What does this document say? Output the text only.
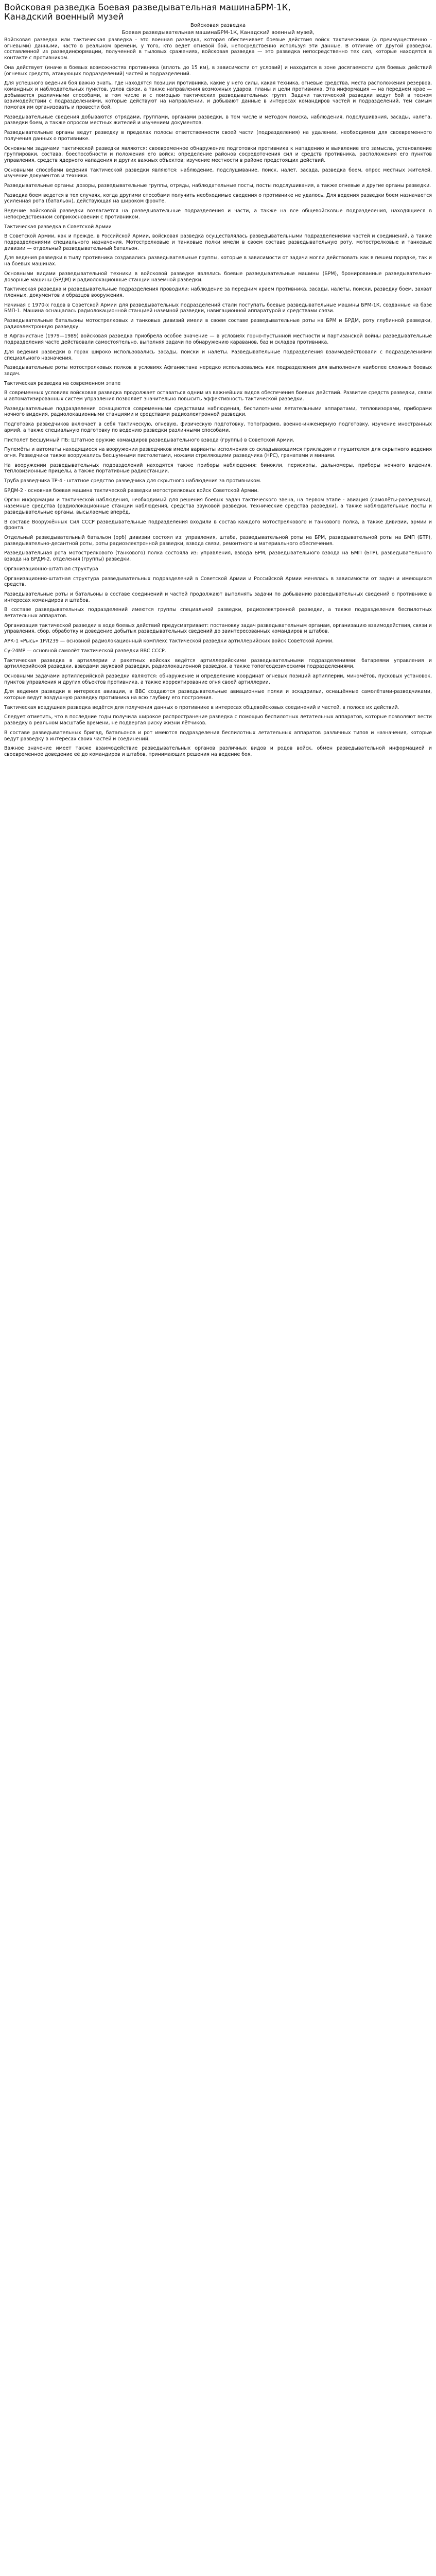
Войсковая разведка Боевая разведывательная машинаБРМ-1К,
Канадский военный музей
Войсковая разведка
Боевая разведывательная машинаБРМ-1К, Канадский военный музей,

Войсковая разведка или тактическая разведка - это военная разведка, которая обеспечивает боевые действия войск тактическими (а преимущественно - огневыми) данными, часто в реальном времени, у того, кто ведет огневой бой, непосредственно используя эти данные. В отличие от другой разведки, составленной из развединформации, полученной в тыловых сражениях, войсковая разведка — это разведка непосредственно тех сил, которые находятся в контакте с противником.

Она действует (иначе в боевых возможностях противника (вплоть до 15 км), в зависимости от условий) и находится в зоне досягаемости для боевых действий (огневых средств, атакующих подразделений) частей и подразделений.

Для успешного ведения боя важно знать, где находятся позиции противника, какие у него силы, какая техника, огневые средства, места расположения резервов, командных и наблюдательных пунктов, узлов связи, а также направления возможных ударов, планы и цели противника. Эта информация — на переднем крае — добывается различными способами, в том числе и с помощью тактических разведывательных групп. Задачи тактической разведки ведут бой в тесном взаимодействии с подразделениями, которые действуют на направлении, и добывают данные в интересах командиров частей и подразделений, тем самым помогая им организовать и провести бой.

Разведывательные сведения добываются отрядами, группами, органами разведки, в том числе и методом поиска, наблюдения, подслушивания, засады, налета, разведки боем, а также опросом местных жителей и изучением документов.

Разведывательные органы ведут разведку в пределах полосы ответственности своей части (подразделения) на удалении, необходимом для своевременного получения данных о противнике.

Основными задачами тактической разведки являются: своевременное обнаружение подготовки противника к нападению и выявление его замысла, установление группировки, состава, боеспособности и положения его войск; определение районов сосредоточения сил и средств противника, расположения его пунктов управления, средств ядерного нападения и других важных объектов; изучение местности в районе предстоящих действий.

Основными способами ведения тактической разведки являются: наблюдение, подслушивание, поиск, налет, засада, разведка боем, опрос местных жителей, изучение документов и техники.

Разведывательные органы: дозоры, разведывательные группы, отряды, наблюдательные посты, посты подслушивания, а также огневые и другие органы разведки.

Разведка боем ведется в тех случаях, когда другими способами получить необходимые сведения о противнике не удалось. Для ведения разведки боем назначается усиленная рота (батальон), действующая на широком фронте.

Ведение войсковой разведки возлагается на разведывательные подразделения и части, а также на все общевойсковые подразделения, находящиеся в непосредственном соприкосновении с противником.

Тактическая разведка в Советской Армии

В Советской Армии, как и прежде, в Российской Армии, войсковая разведка осуществлялась разведывательными подразделениями частей и соединений, а также подразделениями специального назначения. Мотострелковые и танковые полки имели в своем составе разведывательную роту, мотострелковые и танковые дивизии — отдельный разведывательный батальон.

Для ведения разведки в тылу противника создавались разведывательные группы, которые в зависимости от задачи могли действовать как в пешем порядке, так и на боевых машинах.

Основными видами разведывательной техники в войсковой разведке являлись боевые разведывательные машины (БРМ), бронированные разведывательно-дозорные машины (БРДМ) и радиолокационные станции наземной разведки.

Тактическая разведка и разведывательные подразделения проводили: наблюдение за передним краем противника, засады, налеты, поиски, разведку боем, захват пленных, документов и образцов вооружения.

Начиная с 1970-х годов в Советской Армии для разведывательных подразделений стали поступать боевые разведывательные машины БРМ-1К, созданные на базе БМП-1. Машина оснащалась радиолокационной станцией наземной разведки, навигационной аппаратурой и средствами связи.

Разведывательные батальоны мотострелковых и танковых дивизий имели в своем составе разведывательные роты на БРМ и БРДМ, роту глубинной разведки, радиоэлектронную разведку.

В Афганистане (1979—1989) войсковая разведка приобрела особое значение — в условиях горно-пустынной местности и партизанской войны разведывательные подразделения часто действовали самостоятельно, выполняя задачи по обнаружению караванов, баз и складов противника.

Для ведения разведки в горах широко использовались засады, поиски и налеты. Разведывательные подразделения взаимодействовали с подразделениями специального назначения.

Разведывательные роты мотострелковых полков в условиях Афганистана нередко использовались как подразделения для выполнения наиболее сложных боевых задач.

Тактическая разведка на современном этапе

В современных условиях войсковая разведка продолжает оставаться одним из важнейших видов обеспечения боевых действий. Развитие средств разведки, связи и автоматизированных систем управления позволяет значительно повысить эффективность тактической разведки.

Разведывательные подразделения оснащаются современными средствами наблюдения, беспилотными летательными аппаратами, тепловизорами, приборами ночного видения, радиолокационными станциями и средствами радиоэлектронной разведки.

Подготовка разведчиков включает в себя тактическую, огневую, физическую подготовку, топографию, военно-инженерную подготовку, изучение иностранных армий, а также специальную подготовку по ведению разведки различными способами.

Пистолет Бесшумный ПБ: Штатное оружие командиров разведывательного взвода (группы) в Советской Армии.

Пулемёты и автоматы находящиеся на вооружении разведчиков имели варианты исполнения со складывающимся прикладом и глушителем для скрытного ведения огня. Разведчики также вооружались бесшумными пистолетами, ножами стреляющими разведчика (НРС), гранатами и минами.

На вооружении разведывательных подразделений находятся также приборы наблюдения: бинокли, перископы, дальномеры, приборы ночного видения, тепловизионные прицелы, а также портативные радиостанции.

Труба разведчика ТР-4 - штатное средство разведчика для скрытного наблюдения за противником.

БРДМ-2 - основная боевая машина тактической разведки мотострелковых войск Советской Армии.

Орган информации и тактической наблюдения, необходимый для решения боевых задач тактического звена, на первом этапе - авиация (самолёты-разведчики), наземные средства (радиолокационные станции наблюдения, средства звуковой разведки, технические средства разведки), а также наблюдательные посты и разведывательные органы, высылаемые вперёд.

В составе Вооружённых Сил СССР разведывательные подразделения входили в состав каждого мотострелкового и танкового полка, а также дивизии, армии и фронта.

Отдельный разведывательный батальон (орб) дивизии состоял из: управления, штаба, разведывательной роты на БРМ, разведывательной роты на БМП (БТР), разведывательно-десантной роты, роты радиоэлектронной разведки, взвода связи, ремонтного и материального обеспечения.

Разведывательная рота мотострелкового (танкового) полка состояла из: управления, взвода БРМ, разведывательного взвода на БМП (БТР), разведывательного взвода на БРДМ-2, отделения (группы) разведки.

Организационно-штатная структура

Организационно-штатная структура разведывательных подразделений в Советской Армии и Российской Армии менялась в зависимости от задач и имеющихся средств.

Разведывательные роты и батальоны в составе соединений и частей продолжают выполнять задачи по добыванию разведывательных сведений о противнике в интересах командиров и штабов.

В составе разведывательных подразделений имеются группы специальной разведки, радиоэлектронной разведки, а также подразделения беспилотных летательных аппаратов.

Организация тактической разведки в ходе боевых действий предусматривает: постановку задач разведывательным органам, организацию взаимодействия, связи и управления, сбор, обработку и доведение добытых разведывательных сведений до заинтересованных командиров и штабов.

АРК-1 «Рысь» 1РЛ239 — основной радиолокационный комплекс тактической разведки артиллерийских войск Советской Армии.

Су-24МР — основной самолёт тактической разведки ВВС СССР.

Тактическая разведка в артиллерии и ракетных войсках ведётся артиллерийскими разведывательными подразделениями: батареями управления и артиллерийской разведки, взводами звуковой разведки, радиолокационной разведки, а также топогеодезическими подразделениями.

Основными задачами артиллерийской разведки являются: обнаружение и определение координат огневых позиций артиллерии, миномётов, пусковых установок, пунктов управления и других объектов противника, а также корректирование огня своей артиллерии.

Для ведения разведки в интересах авиации, в ВВС создаются разведывательные авиационные полки и эскадрильи, оснащённые самолётами-разведчиками, которые ведут воздушную разведку противника на всю глубину его построения.

Тактическая воздушная разведка ведётся для получения данных о противнике в интересах общевойсковых соединений и частей, в полосе их действий.

Следует отметить, что в последние годы получила широкое распространение разведка с помощью беспилотных летательных аппаратов, которые позволяют вести разведку в реальном масштабе времени, не подвергая риску жизни лётчиков.

В составе разведывательных бригад, батальонов и рот имеются подразделения беспилотных летательных аппаратов различных типов и назначения, которые ведут разведку в интересах своих частей и соединений.

Важное значение имеет также взаимодействие разведывательных органов различных видов и родов войск, обмен разведывательной информацией и своевременное доведение её до командиров и штабов, принимающих решения на ведение боя.
